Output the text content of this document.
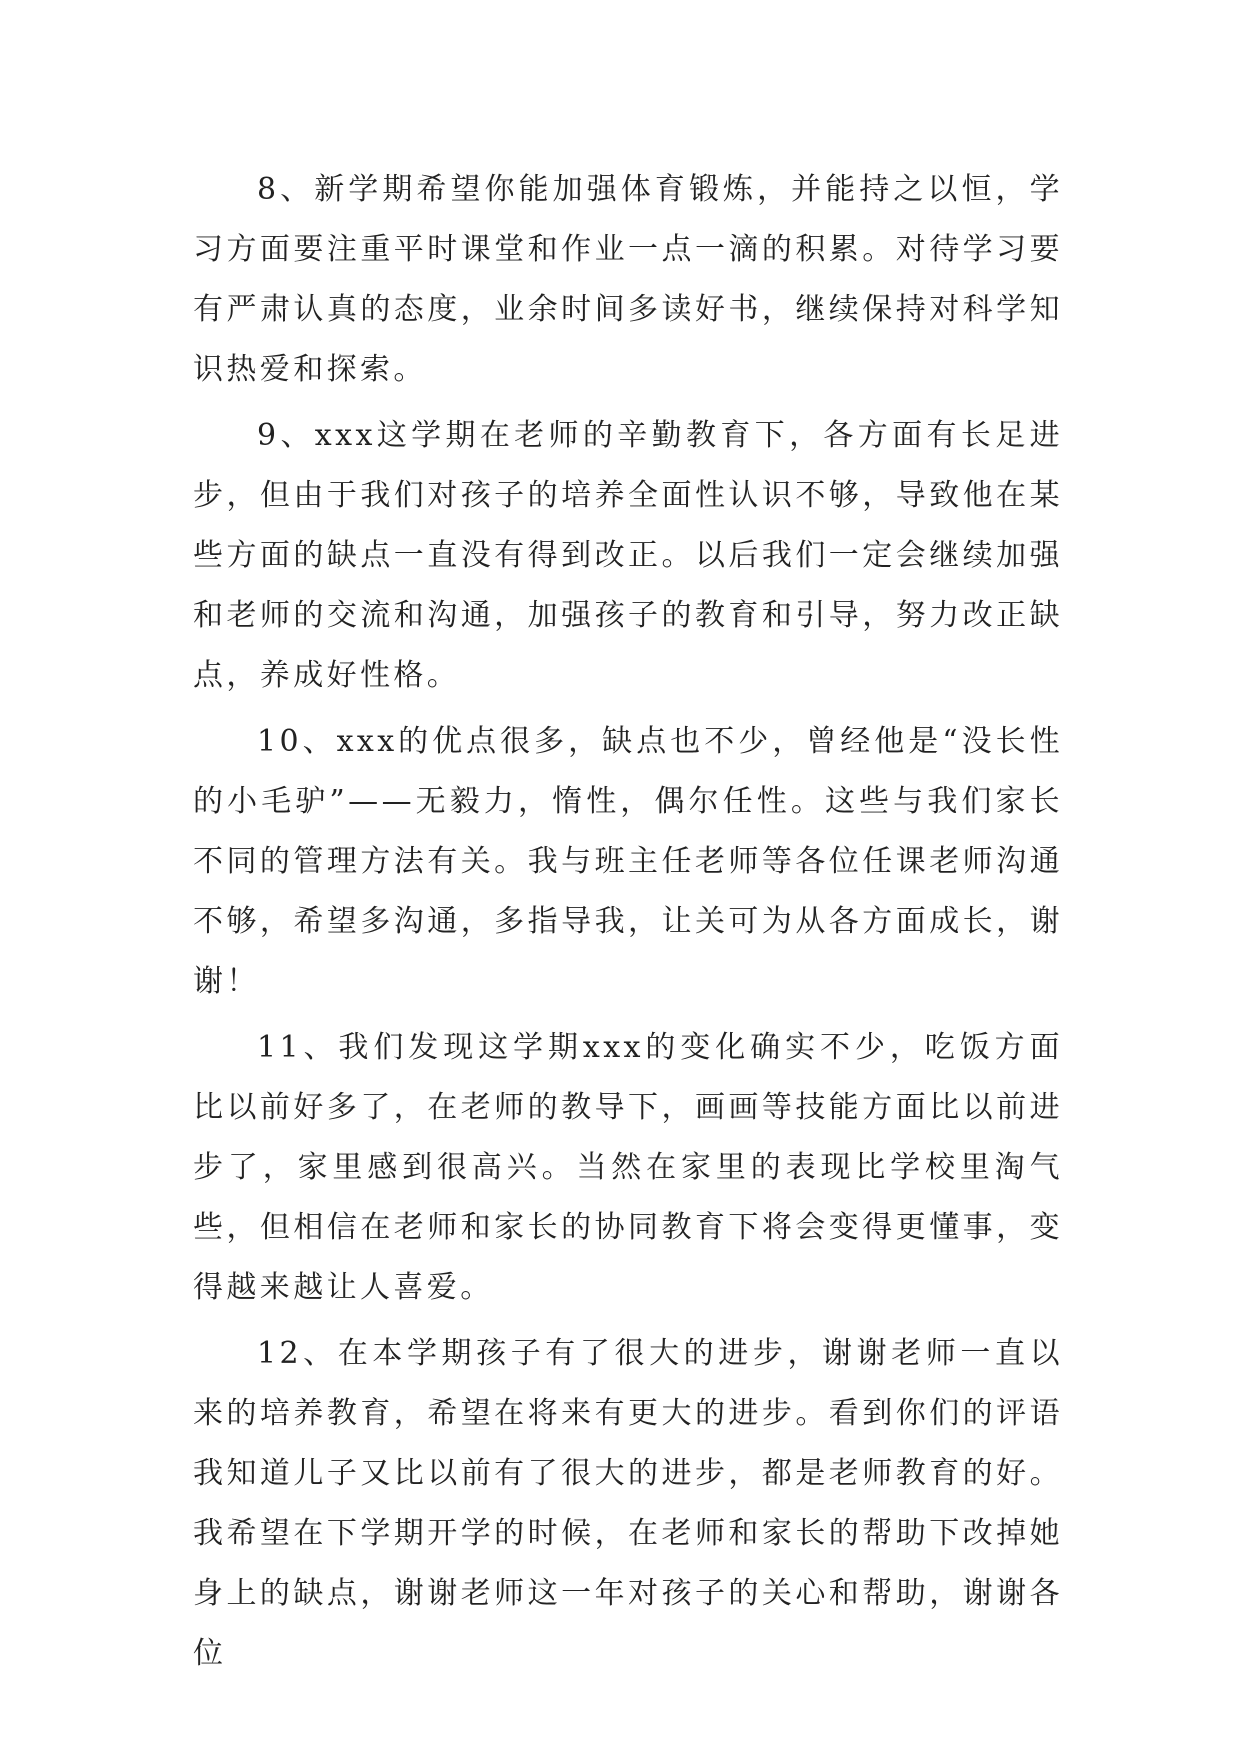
8、新学期希望你能加强体育锻炼，并能持之以恒，学习方面要注重平时课堂和作业一点一滴的积累。对待学习要有严肃认真的态度，业余时间多读好书，继续保持对科学知识热爱和探索。

9、xxx这学期在老师的辛勤教育下，各方面有长足进步，但由于我们对孩子的培养全面性认识不够，导致他在某些方面的缺点一直没有得到改正。以后我们一定会继续加强和老师的交流和沟通，加强孩子的教育和引导，努力改正缺点，养成好性格。

10、xxx的优点很多，缺点也不少，曾经他是“没长性的小毛驴”——无毅力，惰性，偶尔任性。这些与我们家长不同的管理方法有关。我与班主任老师等各位任课老师沟通不够，希望多沟通，多指导我，让关可为从各方面成长，谢谢！

11、我们发现这学期xxx的变化确实不少，吃饭方面比以前好多了，在老师的教导下，画画等技能方面比以前进步了，家里感到很高兴。当然在家里的表现比学校里淘气些，但相信在老师和家长的协同教育下将会变得更懂事，变得越来越让人喜爱。

12、在本学期孩子有了很大的进步，谢谢老师一直以来的培养教育，希望在将来有更大的进步。看到你们的评语我知道儿子又比以前有了很大的进步，都是老师教育的好。我希望在下学期开学的时候，在老师和家长的帮助下改掉她身上的缺点，谢谢老师这一年对孩子的关心和帮助，谢谢各位
